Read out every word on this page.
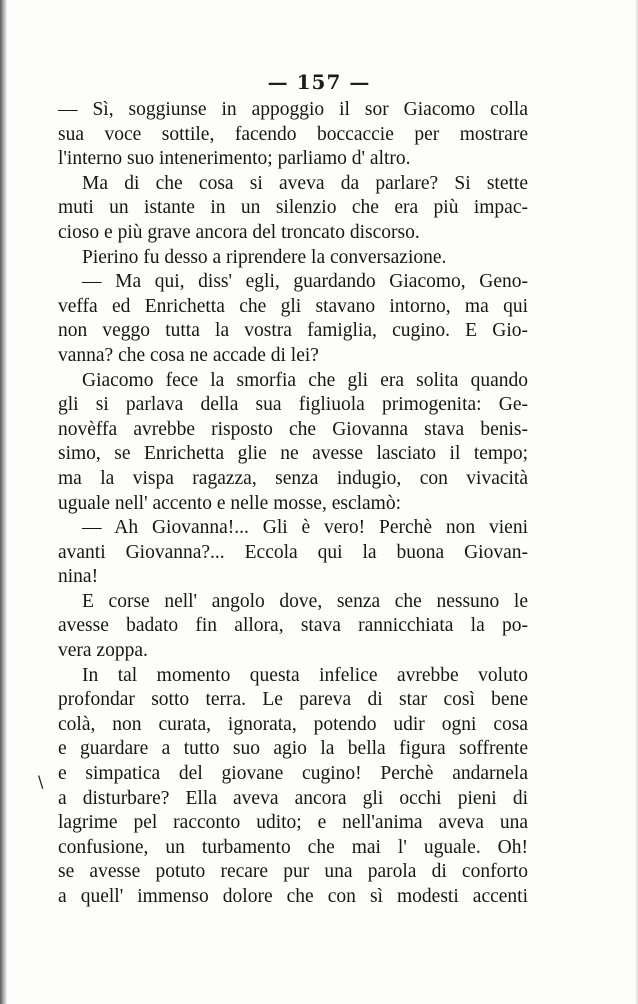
— 157 —

\

— Sì, soggiunse in appoggio il sor Giacomo colla

sua voce sottile, facendo boccaccie per mostrare

l'interno suo intenerimento; parliamo d' altro.

Ma di che cosa si aveva da parlare? Si stette

muti un istante in un silenzio che era più impac-

cioso e più grave ancora del troncato discorso.

Pierino fu desso a riprendere la conversazione.

— Ma qui, diss' egli, guardando Giacomo, Geno-

veffa ed Enrichetta che gli stavano intorno, ma qui

non veggo tutta la vostra famiglia, cugino. E Gio-

vanna? che cosa ne accade di lei?

Giacomo fece la smorfia che gli era solita quando

gli si parlava della sua figliuola primogenita: Ge-

novèffa avrebbe risposto che Giovanna stava benis-

simo, se Enrichetta glie ne avesse lasciato il tempo;

ma la vispa ragazza, senza indugio, con vivacità

uguale nell' accento e nelle mosse, esclamò:

— Ah Giovanna!... Gli è vero! Perchè non vieni

avanti Giovanna?... Eccola qui la buona Giovan-

nina!

E corse nell' angolo dove, senza che nessuno le

avesse badato fin allora, stava rannicchiata la po-

vera zoppa.

In tal momento questa infelice avrebbe voluto

profondar sotto terra. Le pareva di star così bene

colà, non curata, ignorata, potendo udir ogni cosa

e guardare a tutto suo agio la bella figura soffrente

e simpatica del giovane cugino! Perchè andarnela

a disturbare? Ella aveva ancora gli occhi pieni di

lagrime pel racconto udito; e nell'anima aveva una

confusione, un turbamento che mai l' uguale. Oh!

se avesse potuto recare pur una parola di conforto

a quell' immenso dolore che con sì modesti accenti
